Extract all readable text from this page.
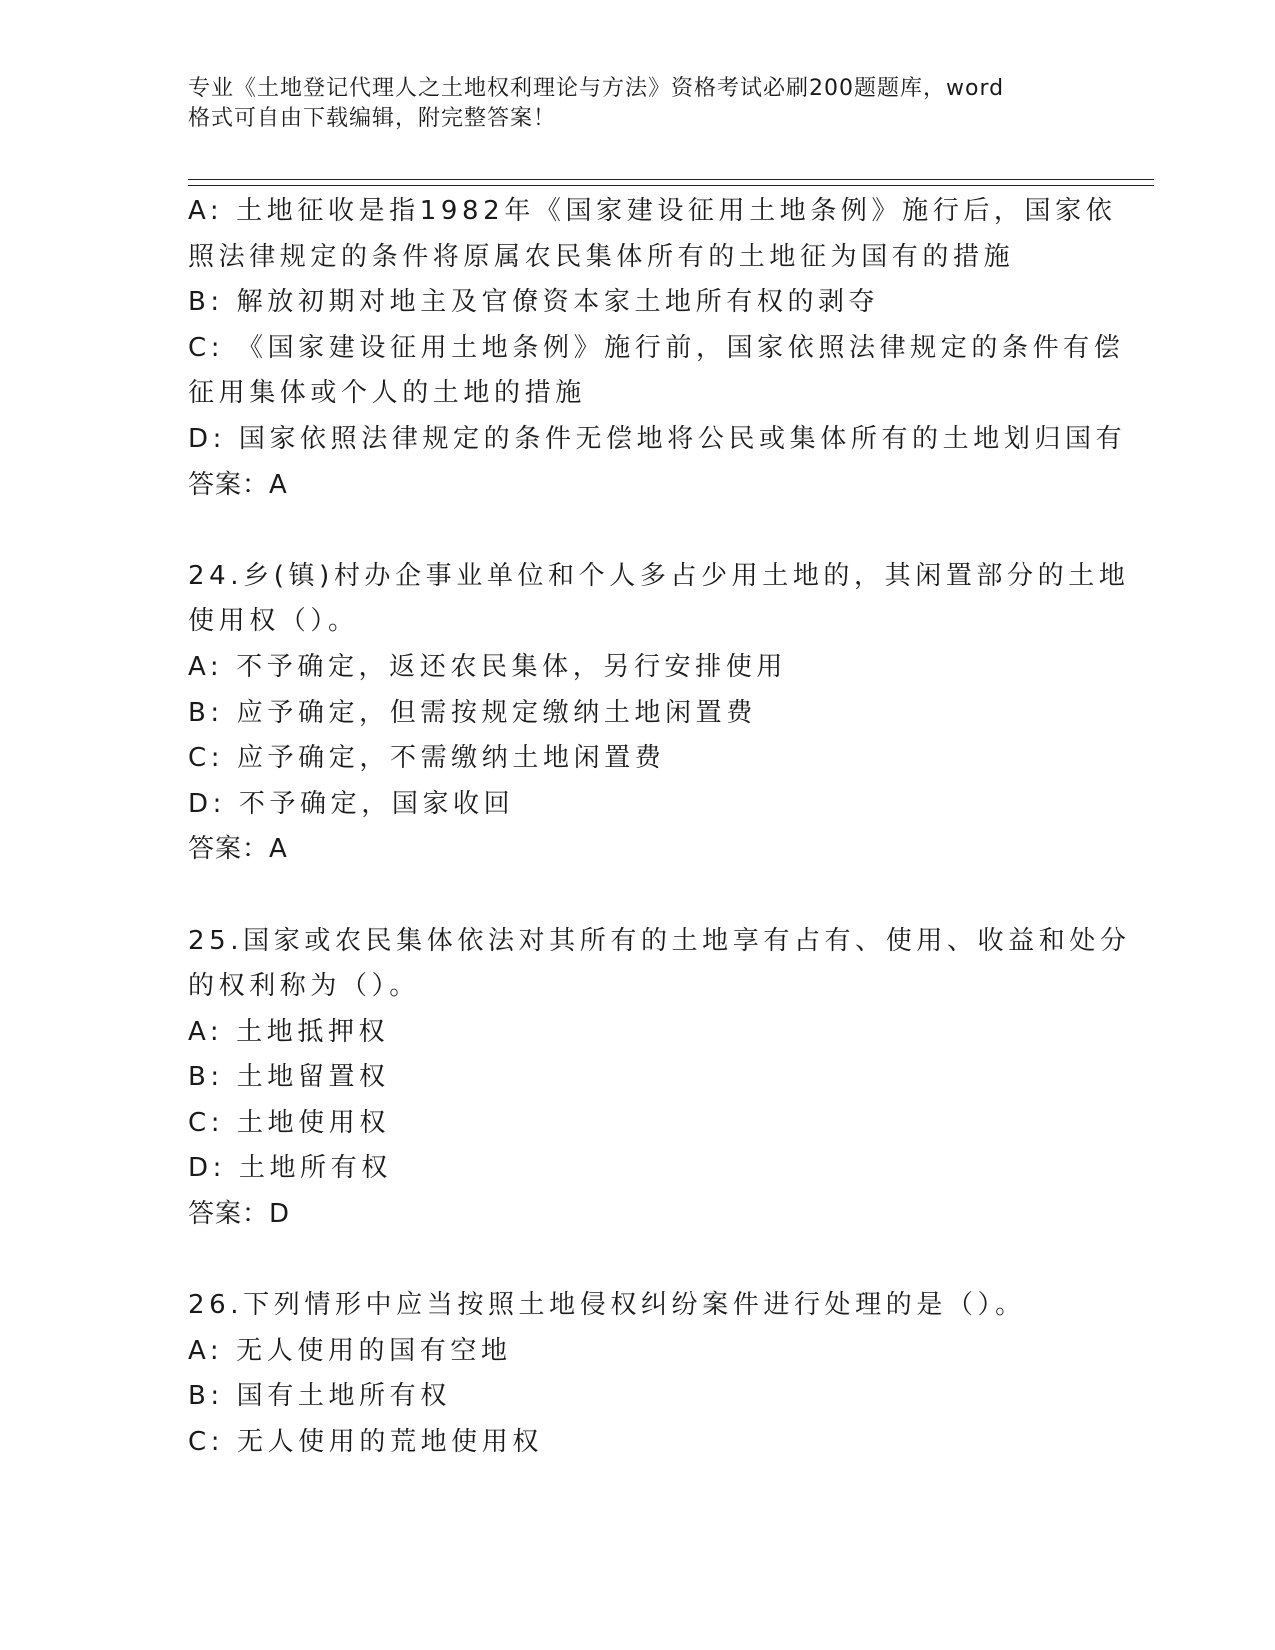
专业《土地登记代理人之土地权利理论与方法》资格考试必刷200题题库，word
格式可自由下载编辑，附完整答案！
A: 土地征收是指1982年《国家建设征用土地条例》施行后，国家依
照法律规定的条件将原属农民集体所有的土地征为国有的措施
B: 解放初期对地主及官僚资本家土地所有权的剥夺
C: 《国家建设征用土地条例》施行前，国家依照法律规定的条件有偿
征用集体或个人的土地的措施
D: 国家依照法律规定的条件无偿地将公民或集体所有的土地划归国有
答案：A
24.乡(镇)村办企事业单位和个人多占少用土地的，其闲置部分的土地
使用权（）。
A: 不予确定，返还农民集体，另行安排使用
B: 应予确定，但需按规定缴纳土地闲置费
C: 应予确定，不需缴纳土地闲置费
D: 不予确定，国家收回
答案：A
25.国家或农民集体依法对其所有的土地享有占有、使用、收益和处分
的权利称为（）。
A: 土地抵押权
B: 土地留置权
C: 土地使用权
D: 土地所有权
答案：D
26.下列情形中应当按照土地侵权纠纷案件进行处理的是（）。
A: 无人使用的国有空地
B: 国有土地所有权
C: 无人使用的荒地使用权
